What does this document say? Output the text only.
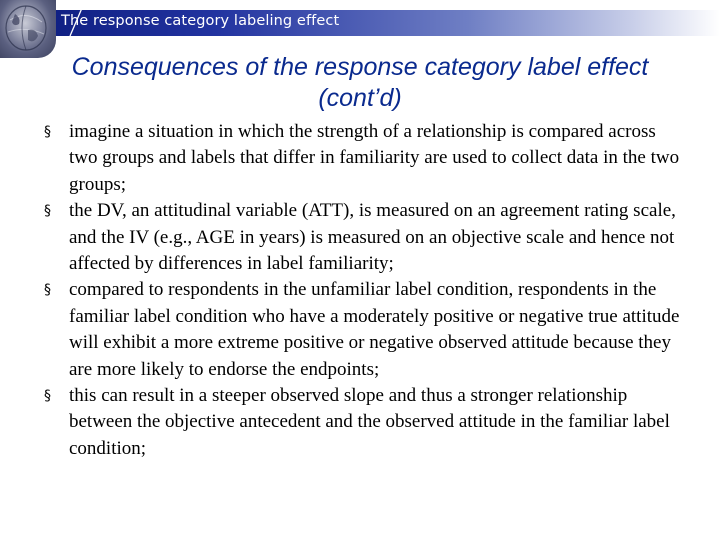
The response category labeling effect
Consequences of the response category label effect (cont’d)
§ imagine a situation in which the strength of a relationship is compared across two groups and labels that differ in familiarity are used to collect data in the two groups;
§ the DV, an attitudinal variable (ATT), is measured on an agreement rating scale, and the IV (e.g., AGE in years) is measured on an objective scale and hence not affected by differences in label familiarity;
§ compared to respondents in the unfamiliar label condition, respondents in the familiar label condition who have a moderately positive or negative true attitude will exhibit a more extreme positive or negative observed attitude because they are more likely to endorse the endpoints;
§ this can result in a steeper observed slope and thus a stronger relationship between the objective antecedent and the observed attitude in the familiar label condition;
